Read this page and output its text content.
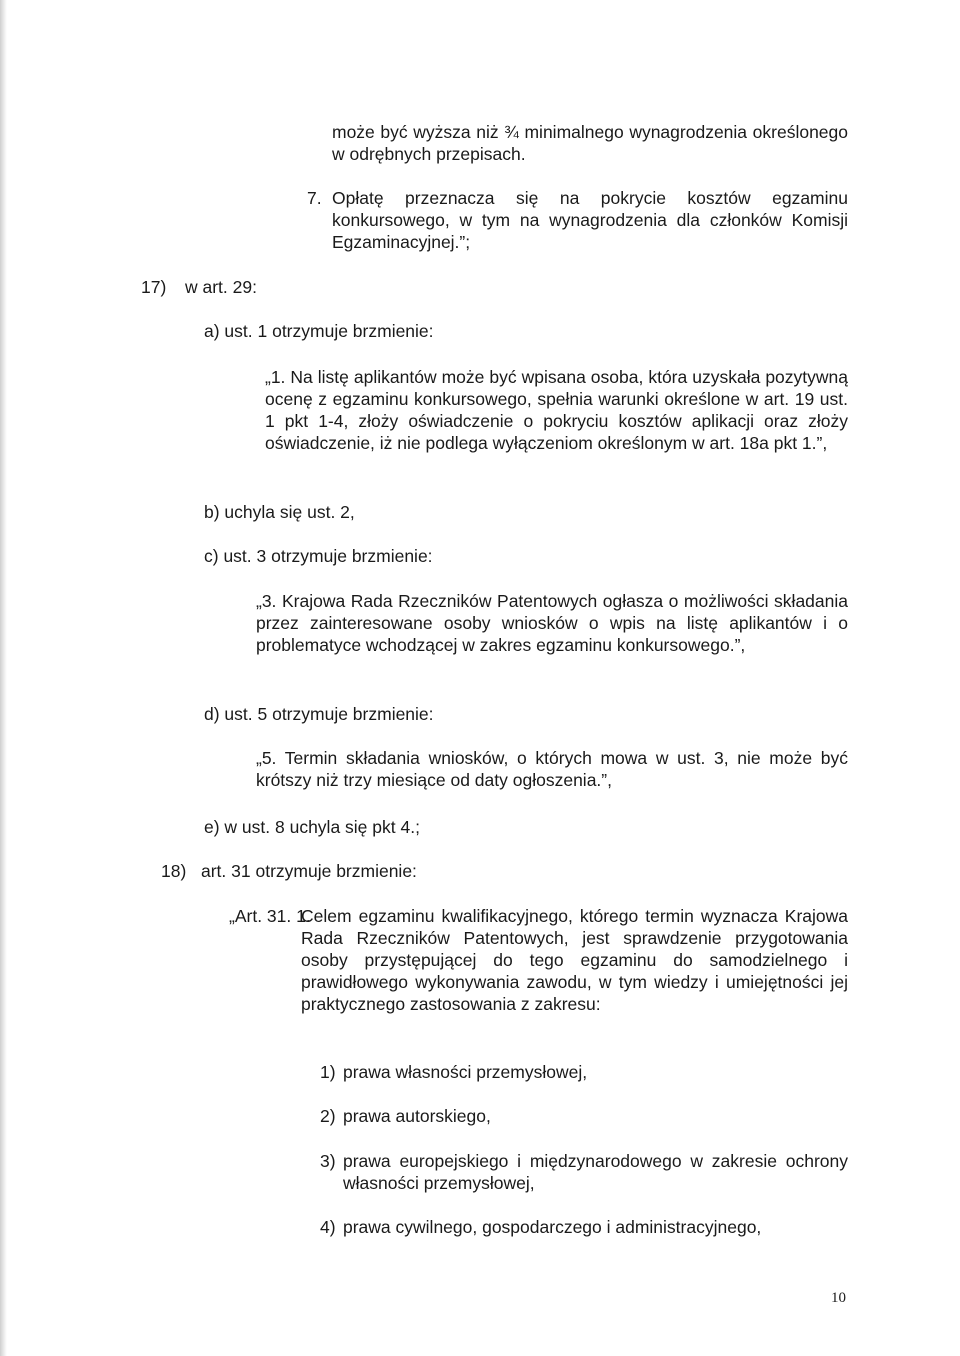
może być wyższa niż ¾ minimalnego wynagrodzenia określonego w odrębnych przepisach.

7. Opłatę przeznacza się na pokrycie kosztów egzaminu konkursowego, w tym na wynagrodzenia dla członków Komisji Egzaminacyjnej.”;

17) w art. 29:

a) ust. 1 otrzymuje brzmienie:

„1. Na listę aplikantów może być wpisana osoba, która uzyskała pozytywną ocenę z egzaminu konkursowego, spełnia warunki określone w art. 19 ust. 1 pkt 1-4, złoży oświadczenie o pokryciu kosztów aplikacji oraz złoży oświadczenie, iż nie podlega wyłączeniom określonym w art. 18a pkt 1.”,

b) uchyla się ust. 2,

c) ust. 3 otrzymuje brzmienie:

„3. Krajowa Rada Rzeczników Patentowych ogłasza o możliwości składania przez zainteresowane osoby wniosków o wpis na listę aplikantów i o problematyce wchodzącej w zakres egzaminu konkursowego.”,

d) ust. 5 otrzymuje brzmienie:

„5. Termin składania wniosków, o których mowa w ust. 3, nie może być krótszy niż trzy miesiące od daty ogłoszenia.”,

e) w ust. 8 uchyla się pkt 4.;

18) art. 31 otrzymuje brzmienie:
„Art. 31. 1.

Celem egzaminu kwalifikacyjnego, którego termin wyznacza Krajowa Rada Rzeczników Patentowych, jest sprawdzenie przygotowania osoby przystępującej do tego egzaminu do samodzielnego i prawidłowego wykonywania zawodu, w tym wiedzy i umiejętności jej praktycznego zastosowania z zakresu:

1) prawa własności przemysłowej,
2) prawa autorskiego,
3) prawa europejskiego i międzynarodowego w zakresie ochrony własności przemysłowej,

4) prawa cywilnego, gospodarczego i administracyjnego,
10
